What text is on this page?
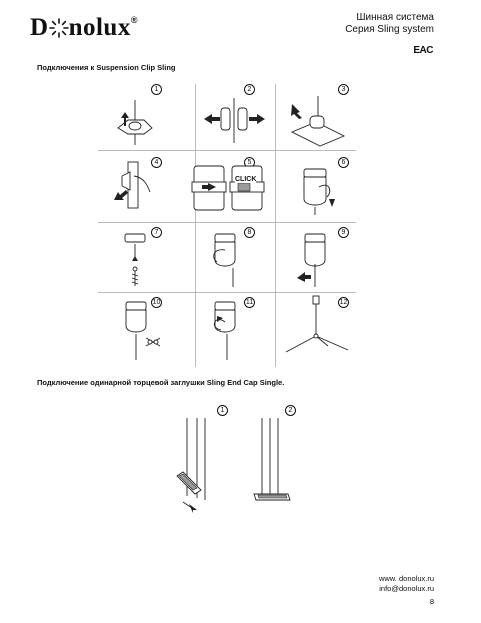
D nolux®	Шинная система
Серия Sling system
EAC
Подключения к Suspension Clip Sling
1	2	3
4	5	6
7	8	9
10	11	12
CLICK
Подключение одинарной торцевой заглушки Sling End Cap Single.
1	2
www. donolux.ru
info@donolux.ru
8
